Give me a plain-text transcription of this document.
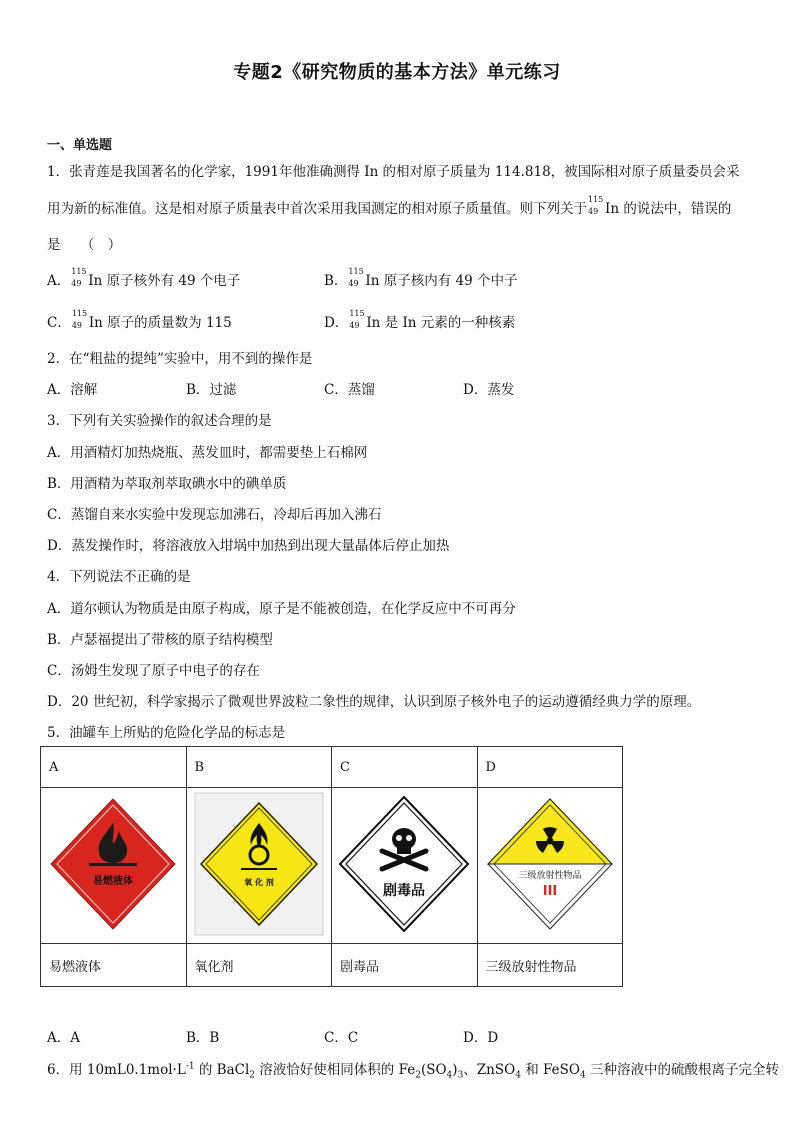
专题2《研究物质的基本方法》单元练习
一、单选题
1．张青莲是我国著名的化学家，1991年他准确测得 In 的相对原子质量为 114.818，被国际相对原子质量委员会采
用为新的标准值。这是相对原子质量表中首次采用我国测定的相对原子质量值。则下列关于
115
49 In 的说法中，错误的
是　　（　）
A．
115
49 In 原子核外有 49 个电子	B．
115
49 In 原子核内有 49 个中子
C．
115
49 In 原子的质量数为 115	D．
115
49 In 是 In 元素的一种核素
2．在“粗盐的提纯”实验中，用不到的操作是
A．溶解	B．过滤	C．蒸馏	D．蒸发
3．下列有关实验操作的叙述合理的是
A．用酒精灯加热烧瓶、蒸发皿时，都需要垫上石棉网
B．用酒精为萃取剂萃取碘水中的碘单质
C．蒸馏自来水实验中发现忘加沸石，冷却后再加入沸石
D．蒸发操作时，将溶液放入坩埚中加热到出现大量晶体后停止加热
4．下列说法不正确的是
A．道尔顿认为物质是由原子构成，原子是不能被创造，在化学反应中不可再分
B．卢瑟福提出了带核的原子结构模型
C．汤姆生发现了原子中电子的存在
D．20 世纪初，科学家揭示了微观世界波粒二象性的规律，认识到原子核外电子的运动遵循经典力学的原理。
5．油罐车上所贴的危险化学品的标志是
A	B	C	D

易燃液体	氧 化 剂	剧毒品	三级放射性物品
III

易燃液体	氧化剂	剧毒品	三级放射性物品
A．A	B．B	C．C	D．D
6．用 $10mL0.1mol\cdot L^{-1}$ 的 BaCl$_2$ 溶液恰好使相同体积的 $Fe_2(SO_4)_3$、ZnSO$_4$ 和 FeSO$_4$ 三种溶液中的硫酸根离子完全转
